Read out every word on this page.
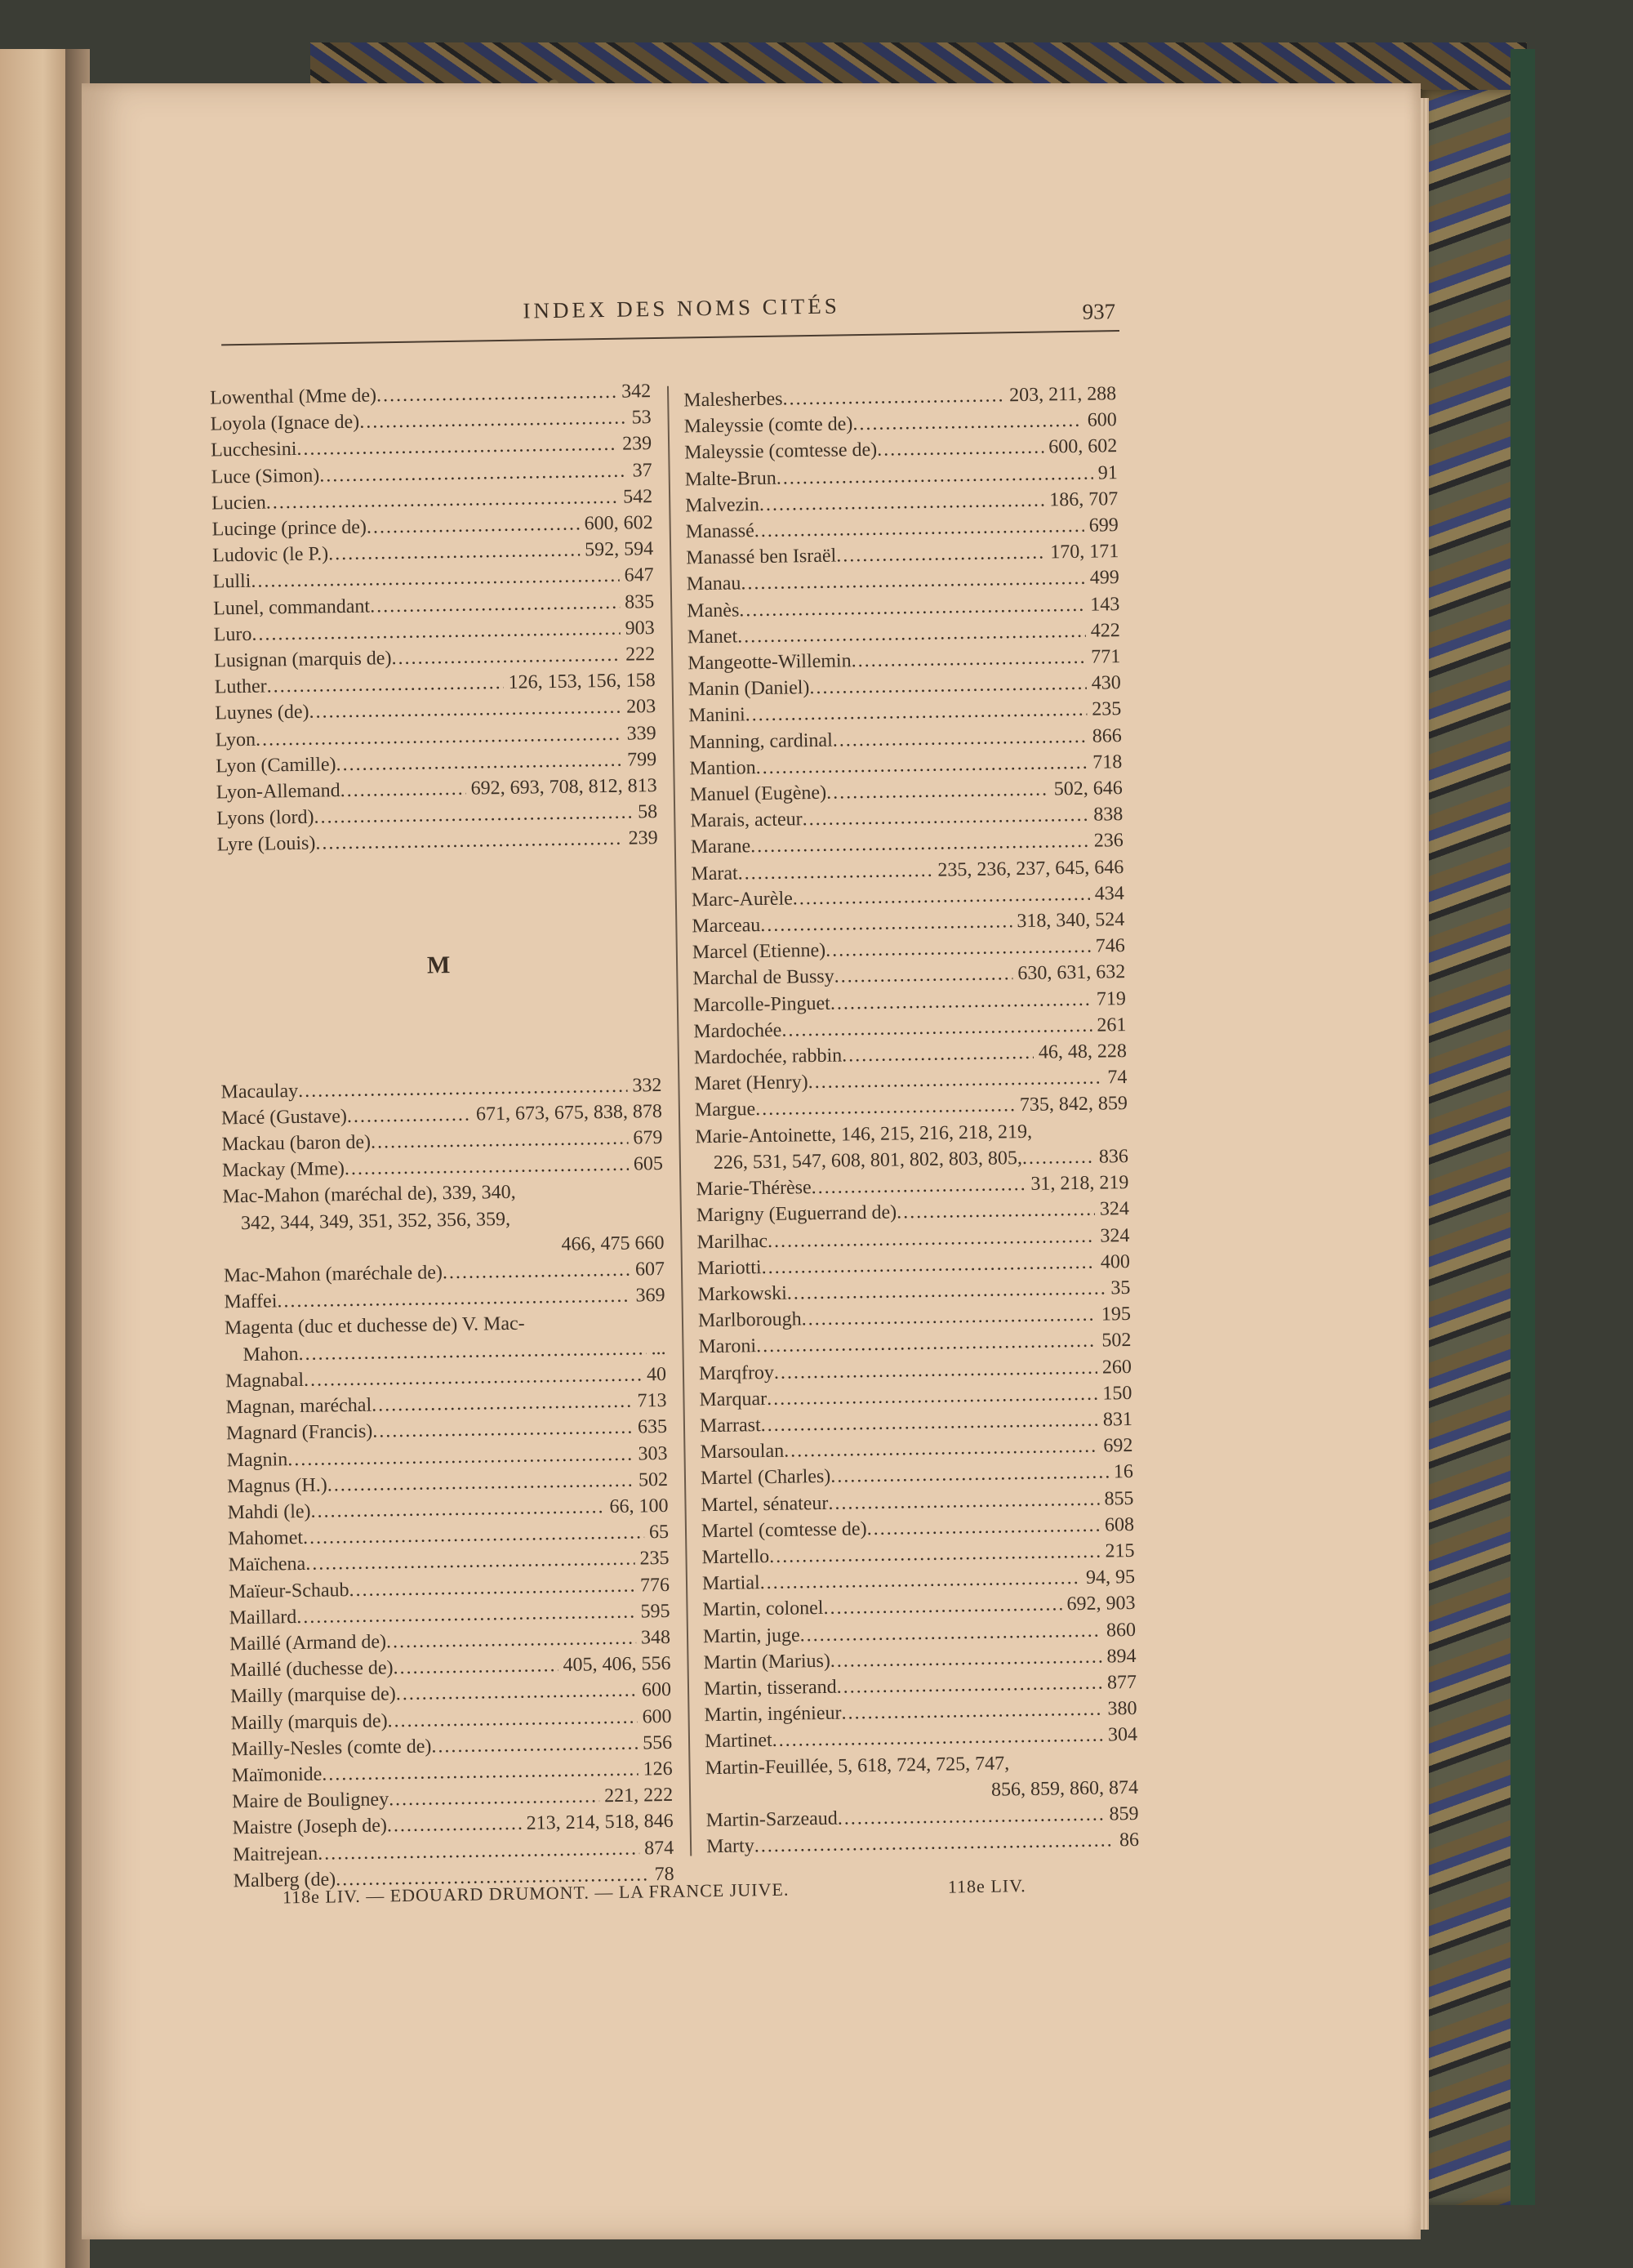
INDEX DES NOMS CITÉS	937
Lowenthal (Mme de) .....	342
Loyola (Ignace de) .....	53
Lucchesini .....	239
Luce (Simon) .....	37
Lucien .....	542
Lucinge (prince de) .....	600, 602
Ludovic (le P.) .....	592, 594
Lulli .....	647
Lunel, commandant .....	835
Luro .....	903
Lusignan (marquis de) .....	222
Luther .....	126, 153, 156, 158
Luynes (de) .....	203
Lyon .....	339
Lyon (Camille) .....	799
Lyon-Allemand .....	692, 693, 708, 812, 813
Lyons (lord) .....	58
Lyre (Louis) .....	239
M
Macaulay .....	332
Macé (Gustave) .....	671, 673, 675, 838, 878
Mackau (baron de) .....	679
Mackay (Mme) .....	605
Mac-Mahon (maréchal de), 339, 340,
342, 344, 349, 351, 352, 356, 359,
466, 475 660
Mac-Mahon (maréchale de) .....	607
Maffei .....	369
Magenta (duc et duchesse de) V. Mac-
Mahon .....	...
Magnabal .....	40
Magnan, maréchal .....	713
Magnard (Francis) .....	635
Magnin .....	303
Magnus (H.) .....	502
Mahdi (le) .....	66, 100
Mahomet .....	65
Maïchena .....	235
Maïeur-Schaub .....	776
Maillard .....	595
Maillé (Armand de) .....	348
Maillé (duchesse de) .....	405, 406, 556
Mailly (marquise de) .....	600
Mailly (marquis de) .....	600
Mailly-Nesles (comte de) .....	556
Maïmonide .....	126
Maire de Bouligney .....	221, 222
Maistre (Joseph de) .....	213, 214, 518, 846
Maitrejean .....	874
Malberg (de) .....	78
Malesherbes .....	203, 211, 288
Maleyssie (comte de) .....	600
Maleyssie (comtesse de) .....	600, 602
Malte-Brun .....	91
Malvezin .....	186, 707
Manassé .....	699
Manassé ben Israël .....	170, 171
Manau .....	499
Manès .....	143
Manet .....	422
Mangeotte-Willemin .....	771
Manin (Daniel) .....	430
Manini .....	235
Manning, cardinal .....	866
Mantion .....	718
Manuel (Eugène) .....	502, 646
Marais, acteur .....	838
Marane .....	236
Marat .....	235, 236, 237, 645, 646
Marc-Aurèle .....	434
Marceau .....	318, 340, 524
Marcel (Etienne) .....	746
Marchal de Bussy .....	630, 631, 632
Marcolle-Pinguet .....	719
Mardochée .....	261
Mardochée, rabbin .....	46, 48, 228
Maret (Henry) .....	74
Margue .....	735, 842, 859
Marie-Antoinette, 146, 215, 216, 218, 219,
226, 531, 547, 608, 801, 802, 803, 805, .....	836
Marie-Thérèse .....	31, 218, 219
Marigny (Euguerrand de) .....	324
Marilhac .....	324
Mariotti .....	400
Markowski .....	35
Marlborough .....	195
Maroni .....	502
Marqfroy .....	260
Marquar .....	150
Marrast .....	831
Marsoulan .....	692
Martel (Charles) .....	16
Martel, sénateur .....	855
Martel (comtesse de) .....	608
Martello .....	215
Martial .....	94, 95
Martin, colonel .....	692, 903
Martin, juge .....	860
Martin (Marius) .....	894
Martin, tisserand .....	877
Martin, ingénieur .....	380
Martinet .....	304
Martin-Feuillée, 5, 618, 724, 725, 747,
856, 859, 860, 874
Martin-Sarzeaud .....	859
Marty .....	86
118e LIV. — EDOUARD DRUMONT. — LA FRANCE JUIVE.	118e LIV.
